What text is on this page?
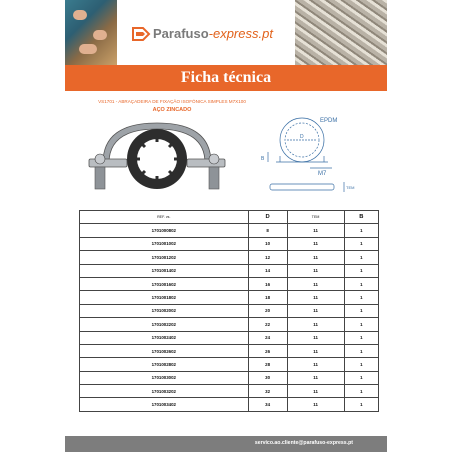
Parafuso-express.pt
Ficha técnica
VS1701 - ABRAÇADEIRA DE FIXAÇÃO ISOFÓNICA SIMPLES M7X100
AÇO ZINCADO
EPDM
B
D
M7
TEM
REF. vs.	D	TEM	B
1701000802	8	11	1
1701001002	10	11	1
1701001202	12	11	1
1701001402	14	11	1
1701001602	16	11	1
1701001802	18	11	1
1701002002	20	11	1
1701002202	22	11	1
1701002402	24	11	1
1701002602	26	11	1
1701002802	28	11	1
1701003002	30	11	1
1701003202	32	11	1
1701003402	34	11	1
servico.ao.cliente@parafuso-express.pt
